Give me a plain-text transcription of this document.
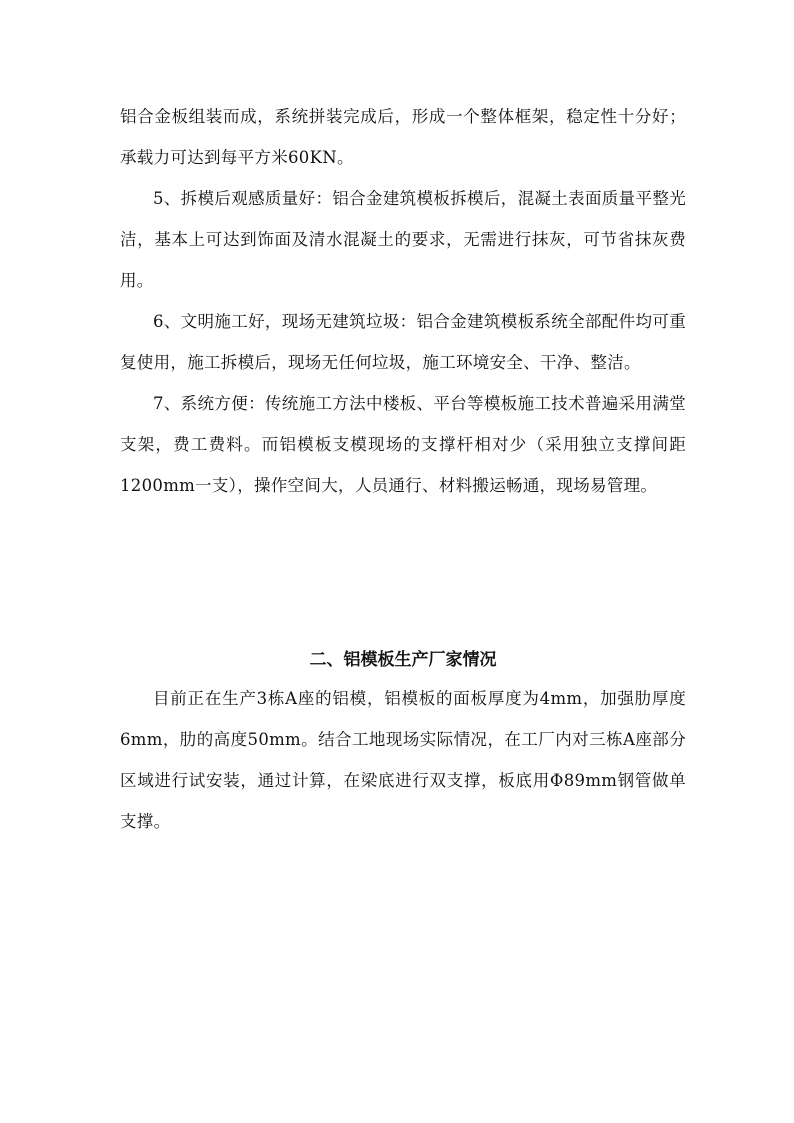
铝合金板组装而成，系统拼装完成后，形成一个整体框架，稳定性十分好；承载力可达到每平方米60KN。

5、拆模后观感质量好：铝合金建筑模板拆模后，混凝土表面质量平整光洁，基本上可达到饰面及清水混凝土的要求，无需进行抹灰，可节省抹灰费用。

6、文明施工好，现场无建筑垃圾：铝合金建筑模板系统全部配件均可重复使用，施工拆模后，现场无任何垃圾，施工环境安全、干净、整洁。

7、系统方便：传统施工方法中楼板、平台等模板施工技术普遍采用满堂支架，费工费料。而铝模板支模现场的支撑杆相对少（采用独立支撑间距1200mm一支），操作空间大，人员通行、材料搬运畅通，现场易管理。

二、铝模板生产厂家情况

目前正在生产3栋A座的铝模，铝模板的面板厚度为4mm，加强肋厚度6mm，肋的高度50mm。结合工地现场实际情况，在工厂内对三栋A座部分区域进行试安装，通过计算，在梁底进行双支撑，板底用Φ89mm钢管做单支撑。
